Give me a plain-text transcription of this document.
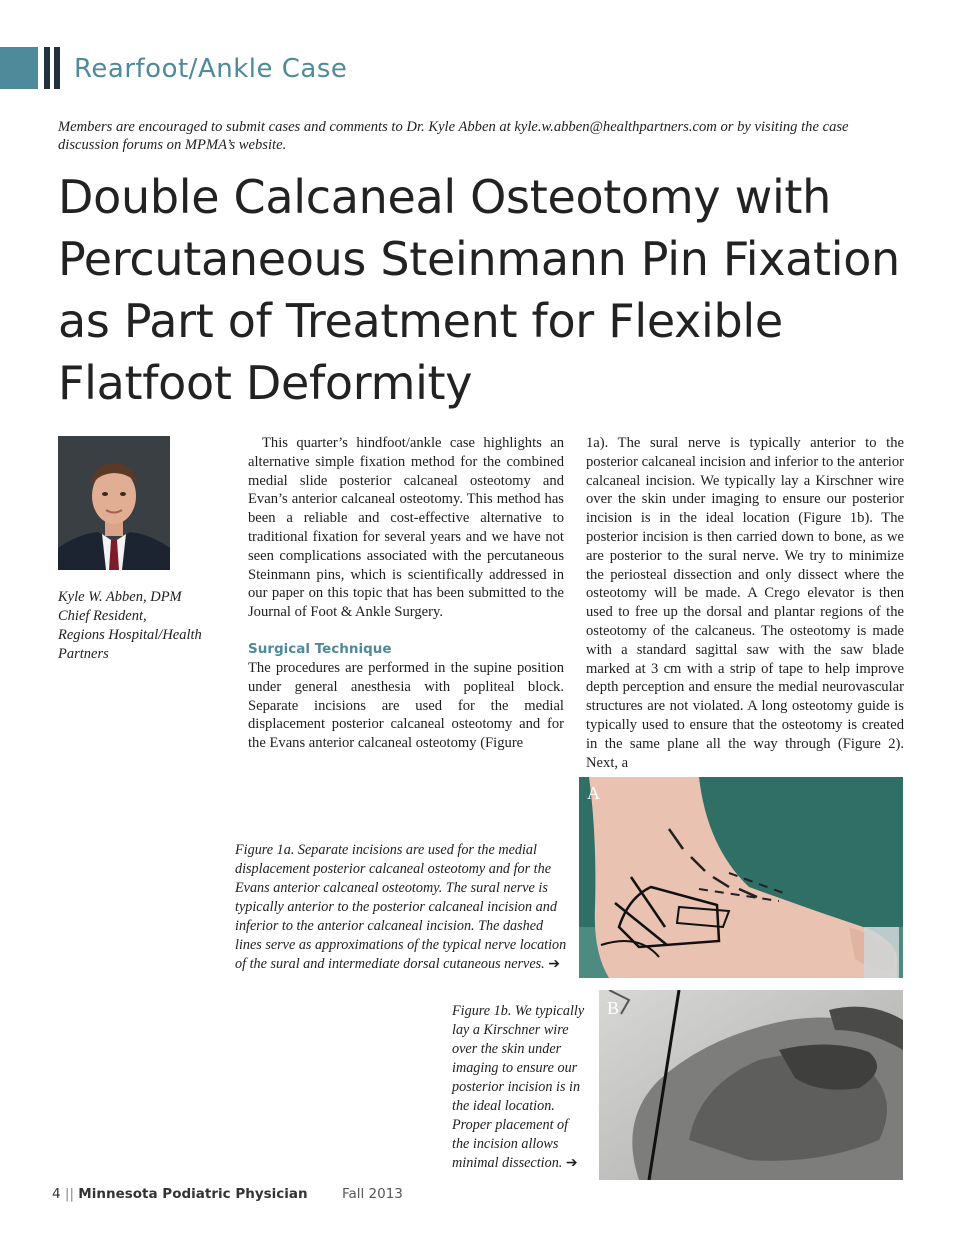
Rearfoot/Ankle Case
Members are encouraged to submit cases and comments to Dr. Kyle Abben at kyle.w.abben@healthpartners.com or by visiting the case discussion forums on MPMA’s website.
Double Calcaneal Osteotomy with Percutaneous Steinmann Pin Fixation as Part of Treatment for Flexible Flatfoot Deformity
Kyle W. Abben, DPM
Chief Resident,
Regions Hospital/Health
Partners

This quarter’s hindfoot/ankle case highlights an alternative simple fixation method for the combined medial slide posterior calcaneal osteotomy and Evan’s anterior calcaneal osteotomy. This method has been a reliable and cost-effective alternative to traditional fixation for several years and we have not seen complications associated with the percutaneous Steinmann pins, which is scientifically addressed in our paper on this topic that has been submitted to the Journal of Foot & Ankle Surgery.

Surgical Technique

The procedures are performed in the supine position under general anesthesia with popliteal block. Separate incisions are used for the medial displacement posterior calcaneal osteotomy and for the Evans anterior calcaneal osteotomy (Figure

1a). The sural nerve is typically anterior to the posterior calcaneal incision and inferior to the anterior calcaneal incision. We typically lay a Kirschner wire over the skin under imaging to ensure our posterior incision is in the ideal location (Figure 1b). The posterior incision is then carried down to bone, as we are posterior to the sural nerve. We try to minimize the periosteal dissection and only dissect where the osteotomy will be made. A Crego elevator is then used to free up the dorsal and plantar regions of the osteotomy of the calcaneus. The osteotomy is made with a standard sagittal saw with the saw blade marked at 3 cm with a strip of tape to help improve depth perception and ensure the medial neurovascular structures are not violated. A long osteotomy guide is typically used to ensure that the osteotomy is created in the same plane all the way through (Figure 2). Next, a

A
Figure 1a. Separate incisions are used for the medial displacement posterior calcaneal osteotomy and for the Evans anterior calcaneal osteotomy. The sural nerve is typically anterior to the posterior calcaneal incision and inferior to the anterior calcaneal incision. The dashed lines serve as approximations of the typical nerve location of the sural and intermediate dorsal cutaneous nerves. ➔
B
Figure 1b. We typically lay a Kirschner wire over the skin under imaging to ensure our posterior incision is in the ideal location. Proper placement of the incision allows minimal dissection. ➔
4 || Minnesota Podiatric Physician	Fall 2013
